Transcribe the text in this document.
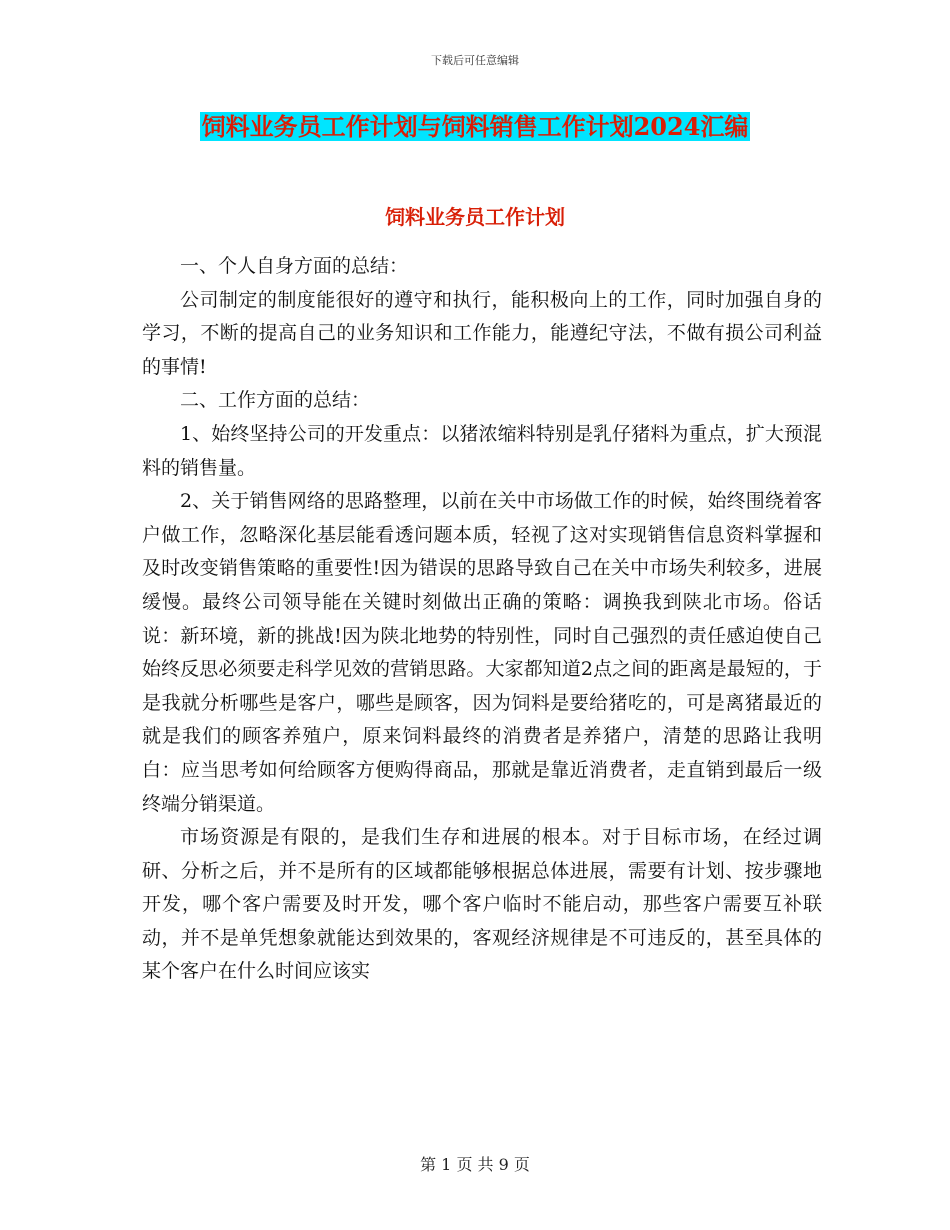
下载后可任意编辑
饲料业务员工作计划与饲料销售工作计划2024汇编
饲料业务员工作计划

一、个人自身方面的总结：

公司制定的制度能很好的遵守和执行，能积极向上的工作，同时加强自身的学习，不断的提高自己的业务知识和工作能力，能遵纪守法，不做有损公司利益的事情!

二、工作方面的总结：

1、始终坚持公司的开发重点：以猪浓缩料特别是乳仔猪料为重点，扩大预混料的销售量。

2、关于销售网络的思路整理，以前在关中市场做工作的时候，始终围绕着客户做工作，忽略深化基层能看透问题本质，轻视了这对实现销售信息资料掌握和及时改变销售策略的重要性!因为错误的思路导致自己在关中市场失利较多，进展缓慢。最终公司领导能在关键时刻做出正确的策略：调换我到陕北市场。俗话说：新环境，新的挑战!因为陕北地势的特别性，同时自己强烈的责任感迫使自己始终反思必须要走科学见效的营销思路。大家都知道2点之间的距离是最短的，于是我就分析哪些是客户，哪些是顾客，因为饲料是要给猪吃的，可是离猪最近的就是我们的顾客养殖户，原来饲料最终的消费者是养猪户，清楚的思路让我明白：应当思考如何给顾客方便购得商品，那就是靠近消费者，走直销到最后一级终端分销渠道。

市场资源是有限的，是我们生存和进展的根本。对于目标市场，在经过调研、分析之后，并不是所有的区域都能够根据总体进展，需要有计划、按步骤地开发，哪个客户需要及时开发，哪个客户临时不能启动，那些客户需要互补联动，并不是单凭想象就能达到效果的，客观经济规律是不可违反的，甚至具体的某个客户在什么时间应该实

第 1 页 共 9 页
